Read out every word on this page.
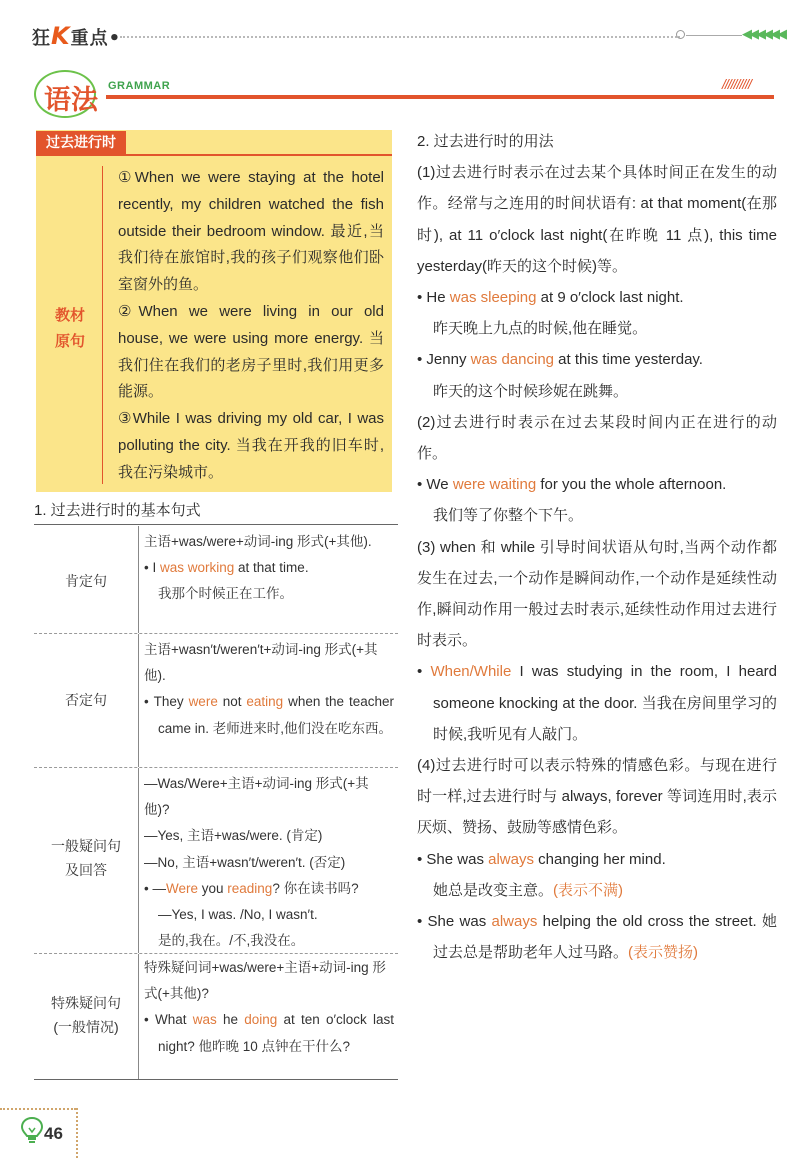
狂K重点•	◀◀◀◀◀◀
语法 GRAMMAR	//////////
过去进行时
教材
原句

①When we were staying at the hotel recently, my children watched the fish outside their bedroom window. 最近,当我们待在旅馆时,我的孩子们观察他们卧室窗外的鱼。

②When we were living in our old house, we were using more energy. 当我们住在我们的老房子里时,我们用更多能源。

③While I was driving my old car, I was polluting the city. 当我在开我的旧车时,我在污染城市。

1. 过去进行时的基本句式
肯定句

主语+was/were+动词-ing 形式(+其他).

• I was working at that time.

我那个时候正在工作。

否定句

主语+wasn′t/weren′t+动词-ing 形式(+其他).

• They were not eating when the teacher came in. 老师进来时,他们没在吃东西。

一般疑问句
及回答

—Was/Were+主语+动词-ing 形式(+其他)?

—Yes, 主语+was/were. (肯定)

—No, 主语+wasn′t/weren′t. (否定)

• —Were you reading? 你在读书吗?

—Yes, I was. /No, I wasn′t.

是的,我在。/不,我没在。

特殊疑问句
(一般情况)

特殊疑问词+was/were+主语+动词-ing 形式(+其他)?

• What was he doing at ten o′clock last night? 他昨晚 10 点钟在干什么?

2. 过去进行时的用法

(1)过去进行时表示在过去某个具体时间正在发生的动作。经常与之连用的时间状语有: at that moment(在那时), at 11 o′clock last night(在昨晚 11 点), this time yesterday(昨天的这个时候)等。

• He was sleeping at 9 o′clock last night.

昨天晚上九点的时候,他在睡觉。

• Jenny was dancing at this time yesterday.

昨天的这个时候珍妮在跳舞。

(2)过去进行时表示在过去某段时间内正在进行的动作。

• We were waiting for you the whole afternoon.

我们等了你整个下午。

(3) when 和 while 引导时间状语从句时,当两个动作都发生在过去,一个动作是瞬间动作,一个动作是延续性动作,瞬间动作用一般过去时表示,延续性动作用过去进行时表示。

• When/While I was studying in the room, I heard someone knocking at the door. 当我在房间里学习的时候,我听见有人敲门。

(4)过去进行时可以表示特殊的情感色彩。与现在进行时一样,过去进行时与 always, forever 等词连用时,表示厌烦、赞扬、鼓励等感情色彩。

• She was always changing her mind.

她总是改变主意。(表示不满)

• She was always helping the old cross the street. 她过去总是帮助老年人过马路。(表示赞扬)

46
